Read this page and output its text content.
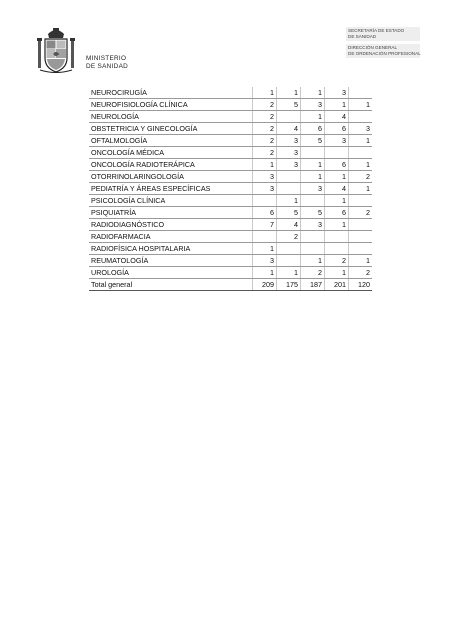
MINISTERIO
DE SANIDAD
SECRETARÍA DE ESTADO
DE SANIDAD
DIRECCIÓN GENERAL
DE ORDENACIÓN PROFESIONAL
NEUROCIRUGÍA	1	1	1	3	
NEUROFISIOLOGÍA CLÍNICA	2	5	3	1	1
NEUROLOGÍA	2		1	4	
OBSTETRICIA Y GINECOLOGÍA	2	4	6	6	3
OFTALMOLOGÍA	2	3	5	3	1
ONCOLOGÍA MÉDICA	2	3			
ONCOLOGÍA RADIOTERÁPICA	1	3	1	6	1
OTORRINOLARINGOLOGÍA	3		1	1	2
PEDIATRÍA Y ÁREAS ESPECÍFICAS	3		3	4	1
PSICOLOGÍA CLÍNICA		1		1	
PSIQUIATRÍA	6	5	5	6	2
RADIODIAGNÓSTICO	7	4	3	1	
RADIOFARMACIA		2			
RADIOFÍSICA HOSPITALARIA	1				
REUMATOLOGÍA	3		1	2	1
UROLOGÍA	1	1	2	1	2
Total general	209	175	187	201	120
